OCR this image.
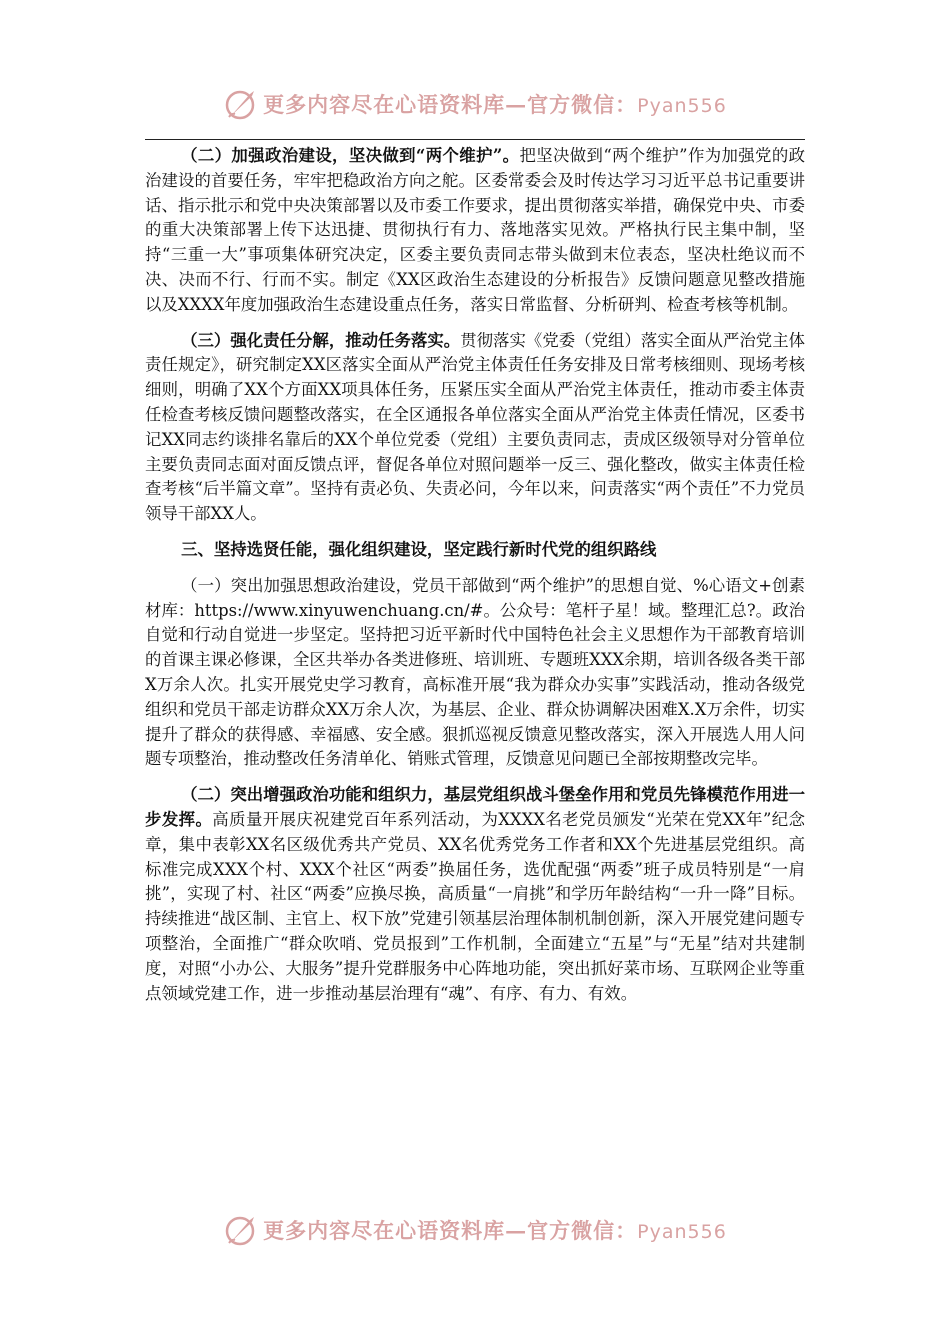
更多内容尽在心语资料库—官方微信：Pyan556

（二）加强政治建设，坚决做到“两个维护”。把坚决做到“两个维护”作为加强党的政治建设的首要任务，牢牢把稳政治方向之舵。区委常委会及时传达学习习近平总书记重要讲话、指示批示和党中央决策部署以及市委工作要求，提出贯彻落实举措，确保党中央、市委的重大决策部署上传下达迅捷、贯彻执行有力、落地落实见效。严格执行民主集中制，坚持“三重一大”事项集体研究决定，区委主要负责同志带头做到末位表态，坚决杜绝议而不决、决而不行、行而不实。制定《XX区政治生态建设的分析报告》反馈问题意见整改措施以及XXXX年度加强政治生态建设重点任务，落实日常监督、分析研判、检查考核等机制。

（三）强化责任分解，推动任务落实。贯彻落实《党委（党组）落实全面从严治党主体责任规定》，研究制定XX区落实全面从严治党主体责任任务安排及日常考核细则、现场考核细则，明确了XX个方面XX项具体任务，压紧压实全面从严治党主体责任，推动市委主体责任检查考核反馈问题整改落实，在全区通报各单位落实全面从严治党主体责任情况，区委书记XX同志约谈排名靠后的XX个单位党委（党组）主要负责同志，责成区级领导对分管单位主要负责同志面对面反馈点评，督促各单位对照问题举一反三、强化整改，做实主体责任检查考核“后半篇文章”。坚持有责必负、失责必问，今年以来，问责落实“两个责任”不力党员领导干部XX人。

三、坚持选贤任能，强化组织建设，坚定践行新时代党的组织路线

（一）突出加强思想政治建设，党员干部做到“两个维护”的思想自觉、%心语文+创素材库：https://www.xinyuwenchuang.cn/#。公众号：笔杆子星！域。整理汇总?。政治自觉和行动自觉进一步坚定。坚持把习近平新时代中国特色社会主义思想作为干部教育培训的首课主课必修课，全区共举办各类进修班、培训班、专题班XXX余期，培训各级各类干部X万余人次。扎实开展党史学习教育，高标准开展“我为群众办实事”实践活动，推动各级党组织和党员干部走访群众XX万余人次，为基层、企业、群众协调解决困难X.X万余件，切实提升了群众的获得感、幸福感、安全感。狠抓巡视反馈意见整改落实，深入开展选人用人问题专项整治，推动整改任务清单化、销账式管理，反馈意见问题已全部按期整改完毕。

（二）突出增强政治功能和组织力，基层党组织战斗堡垒作用和党员先锋模范作用进一步发挥。高质量开展庆祝建党百年系列活动，为XXXX名老党员颁发“光荣在党XX年”纪念章，集中表彰XX名区级优秀共产党员、XX名优秀党务工作者和XX个先进基层党组织。高标准完成XXX个村、XXX个社区“两委”换届任务，选优配强“两委”班子成员特别是“一肩挑”，实现了村、社区“两委”应换尽换，高质量“一肩挑”和学历年龄结构“一升一降”目标。持续推进“战区制、主官上、权下放”党建引领基层治理体制机制创新，深入开展党建问题专项整治，全面推广“群众吹哨、党员报到”工作机制，全面建立“五星”与“无星”结对共建制度，对照“小办公、大服务”提升党群服务中心阵地功能，突出抓好菜市场、互联网企业等重点领域党建工作，进一步推动基层治理有“魂”、有序、有力、有效。

更多内容尽在心语资料库—官方微信：Pyan556
